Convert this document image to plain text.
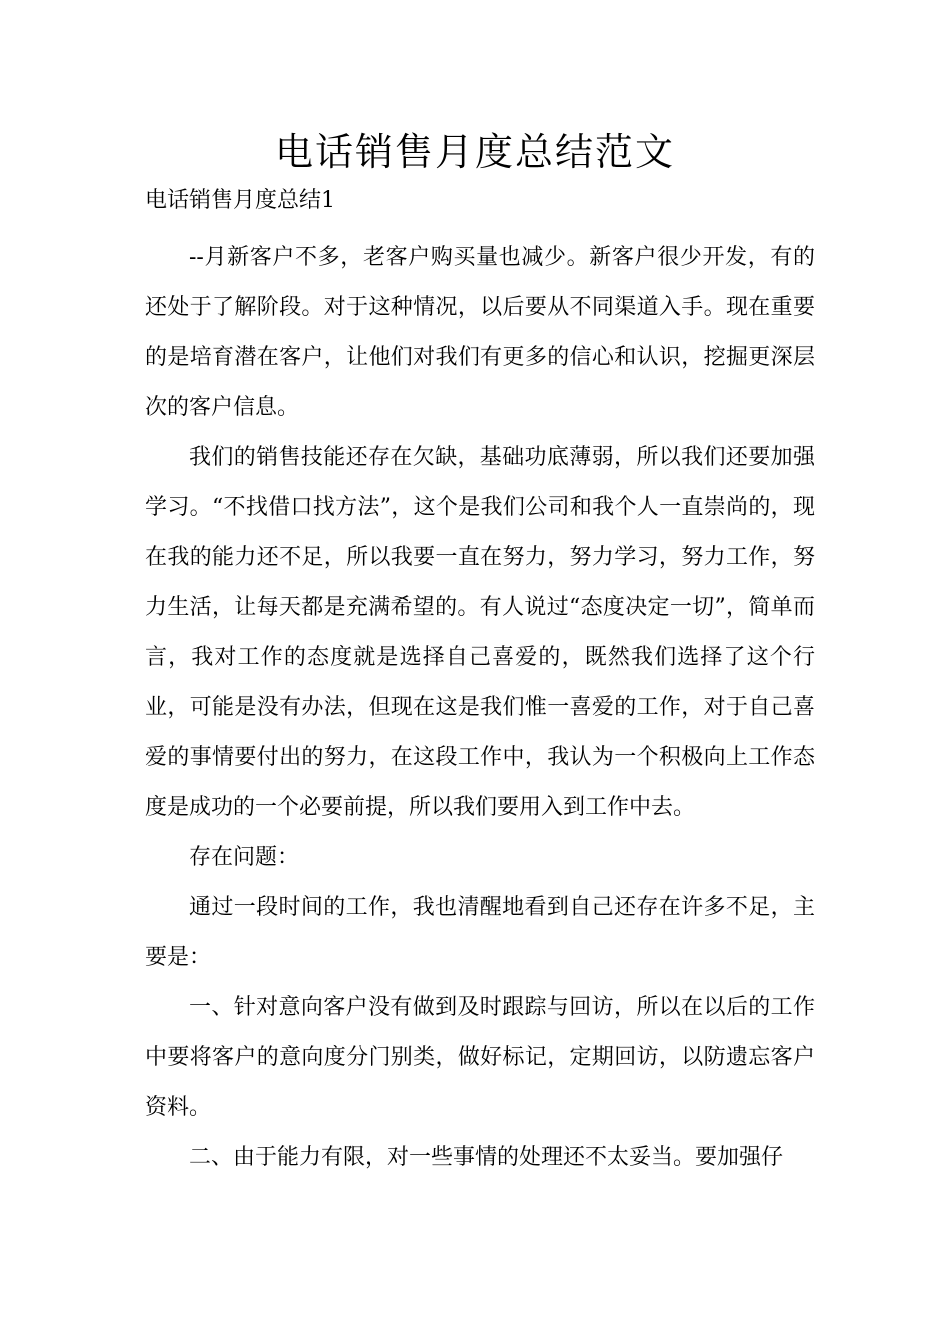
电话销售月度总结范文
电话销售月度总结1

--月新客户不多，老客户购买量也减少。新客户很少开发，有的还处于了解阶段。对于这种情况，以后要从不同渠道入手。现在重要的是培育潜在客户，让他们对我们有更多的信心和认识，挖掘更深层次的客户信息。

我们的销售技能还存在欠缺，基础功底薄弱，所以我们还要加强学习。“不找借口找方法”，这个是我们公司和我个人一直崇尚的，现在我的能力还不足，所以我要一直在努力，努力学习，努力工作，努力生活，让每天都是充满希望的。有人说过“态度决定一切”，简单而言，我对工作的态度就是选择自己喜爱的，既然我们选择了这个行业，可能是没有办法，但现在这是我们惟一喜爱的工作，对于自己喜爱的事情要付出的努力，在这段工作中，我认为一个积极向上工作态度是成功的一个必要前提，所以我们要用入到工作中去。

存在问题：

通过一段时间的工作，我也清醒地看到自己还存在许多不足，主要是：

一、针对意向客户没有做到及时跟踪与回访，所以在以后的工作中要将客户的意向度分门别类，做好标记，定期回访，以防遗忘客户资料。

二、由于能力有限，对一些事情的处理还不太妥当。要加强仔
